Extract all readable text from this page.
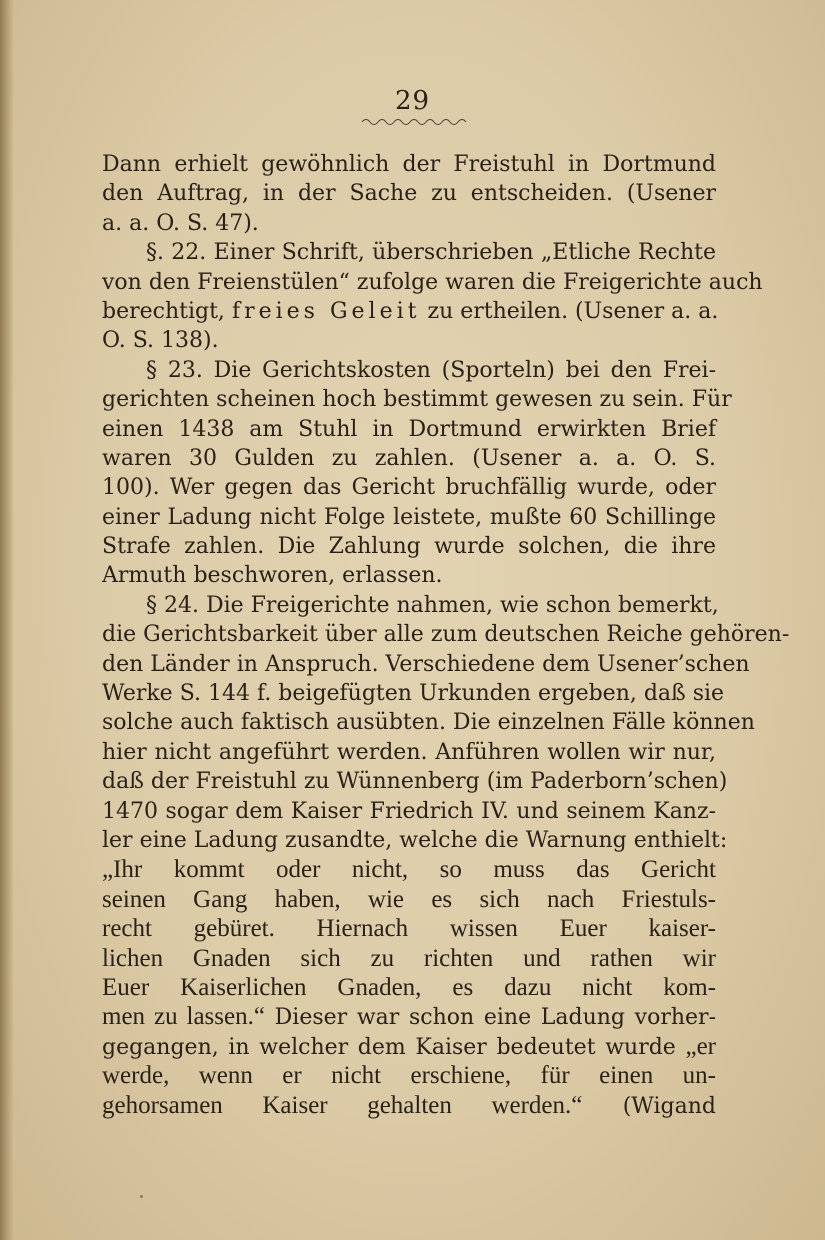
29
Dann erhielt gewöhnlich der Freistuhl in Dortmund
den Auftrag, in der Sache zu entscheiden. (Usener
a. a. O. S. 47).
§. 22. Einer Schrift, überschrieben „Etliche Rechte
von den Freienstülen“ zufolge waren die Freigerichte auch
berechtigt, freies Geleit zu ertheilen. (Usener a. a.
O. S. 138).
§ 23. Die Gerichtskosten (Sporteln) bei den Frei-
gerichten scheinen hoch bestimmt gewesen zu sein. Für
einen 1438 am Stuhl in Dortmund erwirkten Brief
waren 30 Gulden zu zahlen. (Usener a. a. O. S.
100). Wer gegen das Gericht bruchfällig wurde, oder
einer Ladung nicht Folge leistete, mußte 60 Schillinge
Strafe zahlen. Die Zahlung wurde solchen, die ihre
Armuth beschworen, erlassen.
§ 24. Die Freigerichte nahmen, wie schon bemerkt,
die Gerichtsbarkeit über alle zum deutschen Reiche gehören-
den Länder in Anspruch. Verschiedene dem Usener’schen
Werke S. 144 f. beigefügten Urkunden ergeben, daß sie
solche auch faktisch ausübten. Die einzelnen Fälle können
hier nicht angeführt werden. Anführen wollen wir nur,
daß der Freistuhl zu Wünnenberg (im Paderborn’schen)
1470 sogar dem Kaiser Friedrich IV. und seinem Kanz-
ler eine Ladung zusandte, welche die Warnung enthielt:
„Ihr kommt oder nicht, so muss das Gericht
seinen Gang haben, wie es sich nach Friestuls-
recht gebüret. Hiernach wissen Euer kaiser-
lichen Gnaden sich zu richten und rathen wir
Euer Kaiserlichen Gnaden, es dazu nicht kom-
men zu lassen.“ Dieser war schon eine Ladung vorher-
gegangen, in welcher dem Kaiser bedeutet wurde „er
werde, wenn er nicht erschiene, für einen un-
gehorsamen Kaiser gehalten werden.“ (Wigand
